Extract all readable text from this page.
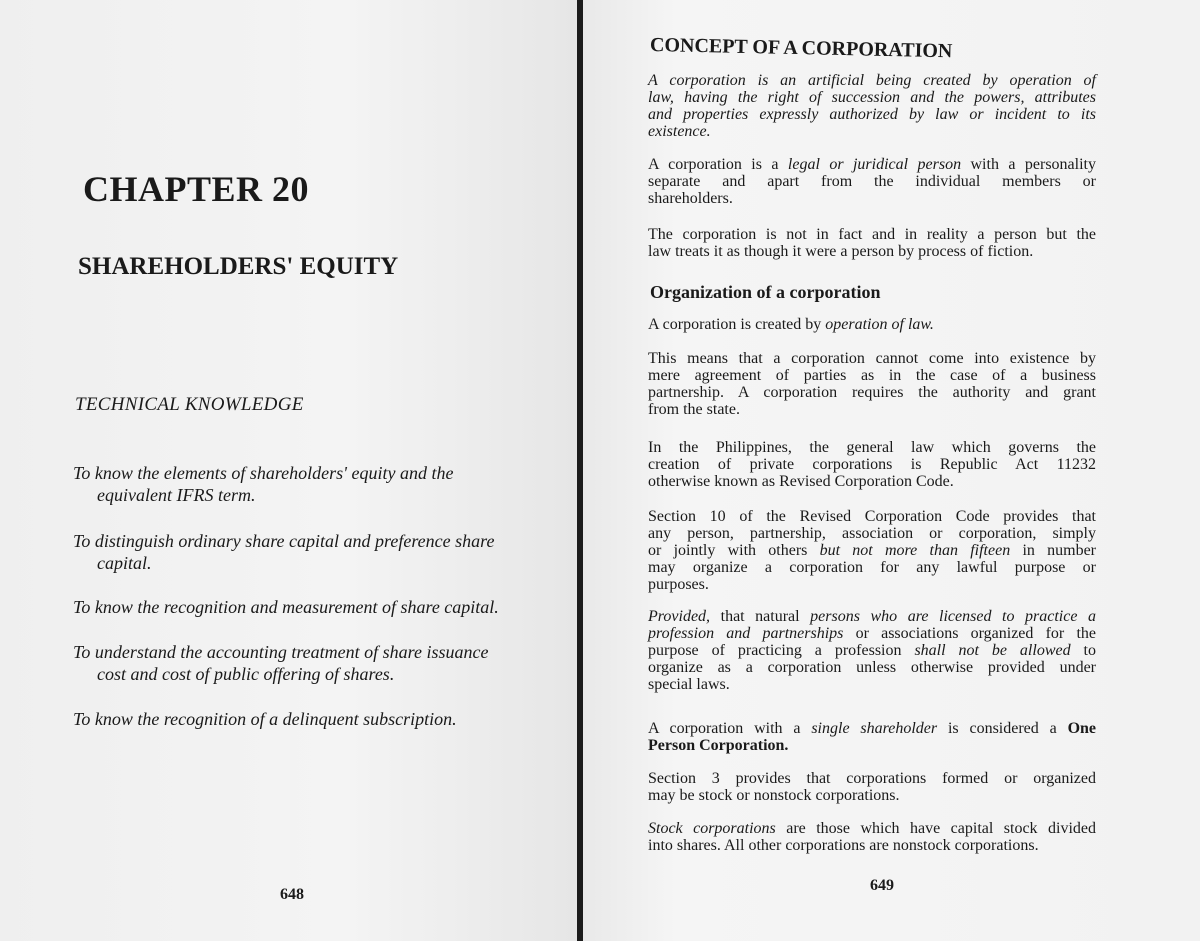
CHAPTER 20
SHAREHOLDERS' EQUITY
TECHNICAL KNOWLEDGE
To know the elements of shareholders' equity and the
equivalent IFRS term.
To distinguish ordinary share capital and preference share
capital.
To know the recognition and measurement of share capital.
To understand the accounting treatment of share issuance
cost and cost of public offering of shares.
To know the recognition of a delinquent subscription.
648
CONCEPT OF A CORPORATION
A corporation is an artificial being created by operation of
law, having the right of succession and the powers, attributes
and properties expressly authorized by law or incident to its
existence.
A corporation is a legal or juridical person with a personality
separate and apart from the individual members or
shareholders.
The corporation is not in fact and in reality a person but the
law treats it as though it were a person by process of fiction.
Organization of a corporation
A corporation is created by operation of law.
This means that a corporation cannot come into existence by
mere agreement of parties as in the case of a business
partnership. A corporation requires the authority and grant
from the state.
In the Philippines, the general law which governs the
creation of private corporations is Republic Act 11232
otherwise known as Revised Corporation Code.
Section 10 of the Revised Corporation Code provides that
any person, partnership, association or corporation, simply
or jointly with others but not more than fifteen in number
may organize a corporation for any lawful purpose or
purposes.
Provided, that natural persons who are licensed to practice a
profession and partnerships or associations organized for the
purpose of practicing a profession shall not be allowed to
organize as a corporation unless otherwise provided under
special laws.
A corporation with a single shareholder is considered a One
Person Corporation.
Section 3 provides that corporations formed or organized
may be stock or nonstock corporations.
Stock corporations are those which have capital stock divided
into shares. All other corporations are nonstock corporations.
649
